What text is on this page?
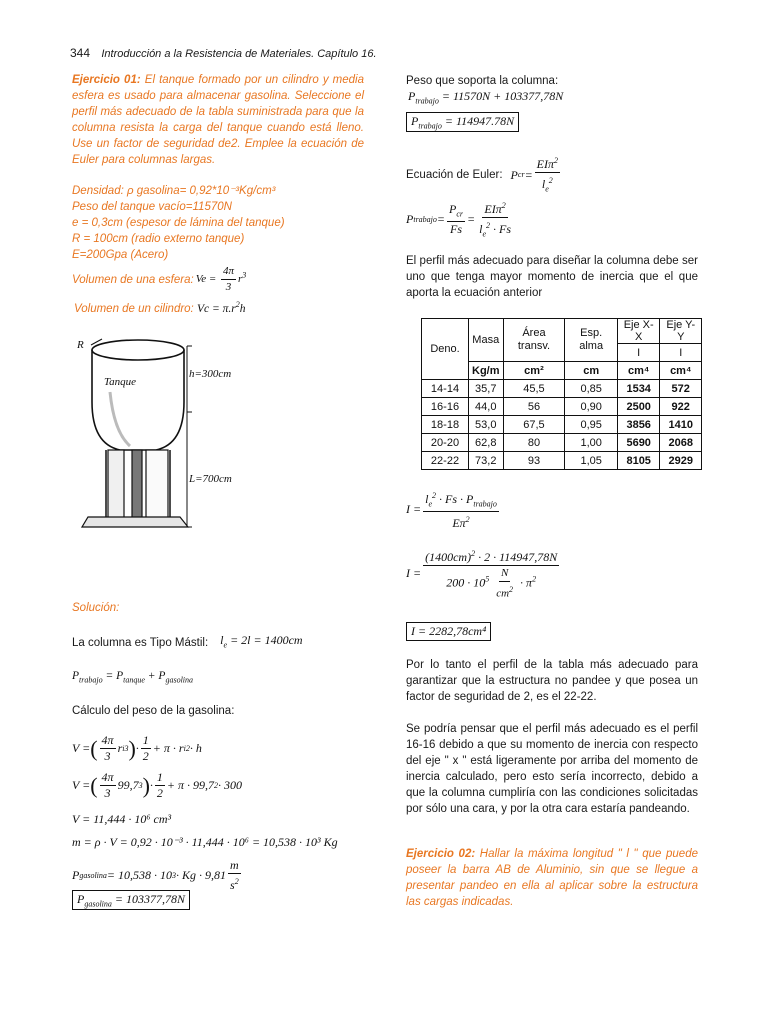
344 Introducción a la Resistencia de Materiales. Capítulo 16.
Ejercicio 01: El tanque formado por un cilindro y media esfera es usado para almacenar gasolina. Seleccione el perfil más adecuado de la tabla suministrada para que la columna resista la carga del tanque cuando está lleno. Use un factor de seguridad de2. Emplee la ecuación de Euler para columnas largas.
Densidad: ρ gasolina= 0,92*10⁻³Kg/cm³
Peso del tanque vacío=11570N
e = 0,3cm (espesor de lámina del tanque)
R = 100cm (radio externo tanque)
E=200Gpa (Acero)
Volumen de una esfera: $Ve = \frac{4\pi}{3} r^3$
Volumen de un cilindro: $Vc = \pi.r^2h$
R
Tanque
h=300cm
L=700cm
Solución:
La columna es Tipo Mástil: $l_e = 2l = 1400cm$
$P_{trabajo} = P_{tanque} + P_{gasolina}$
Cálculo del peso de la gasolina:
V = ( $\frac{4\pi}{3}$ r i 3 ) · $\frac{1}{2} + \pi \cdot r$ i 2 · h
V = ( $\frac{4\pi}{3} 99,7$ 3 ) · $\frac{1}{2} + \pi \cdot 99,7$ 2 · 300
V = 11,444 · 10⁶ cm³
m = ρ · V = 0,92 · 10⁻³ · 11,444 · 10⁶ = 10,538 · 10³ Kg
P gasolina = 10,538 · 10 $3 \cdot Kg \cdot 9,81 \frac{m}{s^2}$
$P_{gasolina} = 103377,78N$
Peso que soporta la columna:
$P_{trabajo} = 11570N + 103377,78N$
$P_{trabajo} = 114947.78N$
Ecuación de Euler: P cr = $\frac{EI\pi^2}{l_e^2}$
P trabajo = $\frac{P_{cr}}{Fs} = \frac{EI\pi^2}{l_e^2 \cdot Fs}$
El perfil más adecuado para diseñar la columna debe ser uno que tenga mayor momento de inercia que el que aporta la ecuación anterior
Deno.	Masa	Área transv.	Esp. alma	Eje X-X	Eje Y-Y
				I	I
	Kg/m	cm²	cm	cm⁴	cm⁴
14-14	35,7	45,5	0,85	1534	572
16-16	44,0	56	0,90	2500	922
18-18	53,0	67,5	0,95	3856	1410
20-20	62,8	80	1,00	5690	2068
22-22	73,2	93	1,05	8105	2929
$I = \frac{l_e^2 \cdot Fs \cdot P_{trabajo}}{E\pi^2}$
$I = \frac{(1400cm)^2 \cdot 2 \cdot 114947,78N}{200 \cdot 10^5 \frac{N}{cm^2} \cdot \pi^2}$
I = 2282,78cm⁴
Por lo tanto el perfil de la tabla más adecuado para garantizar que la estructura no pandee y que posea un factor de seguridad de 2, es el 22-22.
Se podría pensar que el perfil más adecuado es el perfil 16-16 debido a que su momento de inercia con respecto del eje " x " está ligeramente por arriba del momento de inercia calculado, pero esto sería incorrecto, debido a que la columna cumpliría con las condiciones solicitadas por sólo una cara, y por la otra cara estaría pandeando.
Ejercicio 02: Hallar la máxima longitud " l " que puede poseer la barra AB de Aluminio, sin que se llegue a presentar pandeo en ella al aplicar sobre la estructura las cargas indicadas.
